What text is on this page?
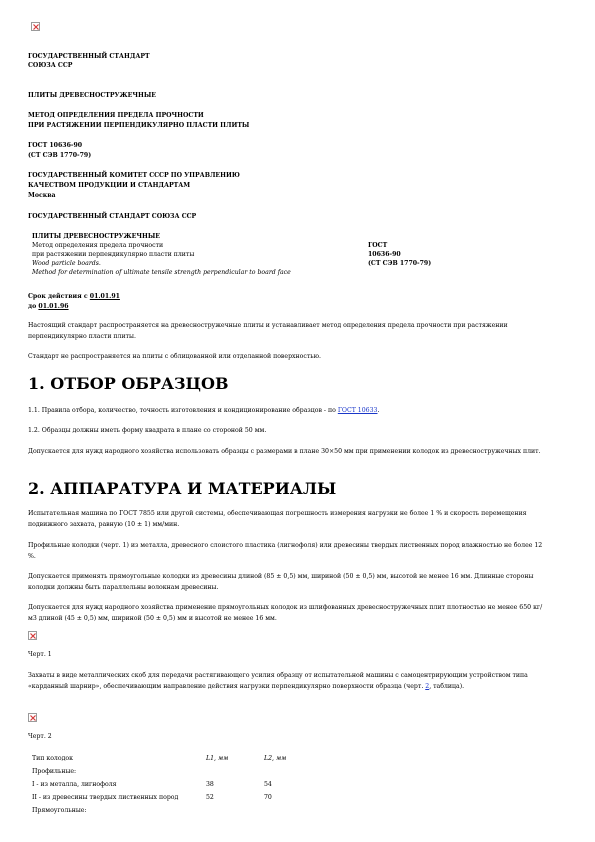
ГОСУДАРСТВЕННЫЙ СТАНДАРТ
СОЮЗА ССР
ПЛИТЫ ДРЕВЕСНОСТРУЖЕЧНЫЕ
МЕТОД ОПРЕДЕЛЕНИЯ ПРЕДЕЛА ПРОЧНОСТИ
ПРИ РАСТЯЖЕНИИ ПЕРПЕНДИКУЛЯРНО ПЛАСТИ ПЛИТЫ
ГОСТ 10636-90
(СТ СЭВ 1770-79)
ГОСУДАРСТВЕННЫЙ КОМИТЕТ СССР ПО УПРАВЛЕНИЮ
КАЧЕСТВОМ ПРОДУКЦИИ И СТАНДАРТАМ
Москва
ГОСУДАРСТВЕННЫЙ СТАНДАРТ СОЮЗА ССР
ПЛИТЫ ДРЕВЕСНОСТРУЖЕЧНЫЕ
Метод определения предела прочности
при растяжении перпендикулярно пласти плиты
Wood particle boards.
Method for determination of ultimate tensile strength perpendicular to board face
ГОСТ
10636-90
(СТ СЭВ 1770-79)
Срок действия с 01.01.91
до 01.01.96
Настоящий стандарт распространяется на древесностружечные плиты и устанавливает метод определения предела прочности при растяжении перпендикулярно пласти плиты.
Стандарт не распространяется на плиты с облицованной или отделанной поверхностью.
1. ОТБОР ОБРАЗЦОВ
1.1. Правила отбора, количество, точность изготовления и кондиционирование образцов - по ГОСТ 10633.
1.2. Образцы должны иметь форму квадрата в плане со стороной 50 мм.
Допускается для нужд народного хозяйства использовать образцы с размерами в плане 30×50 мм при применении колодок из древесностружечных плит.
2. АППАРАТУРА И МАТЕРИАЛЫ
Испытательная машина по ГОСТ 7855 или другой системы, обеспечивающая погрешность измерения нагрузки не более 1 % и скорость перемещения подвижного захвата, равную (10 ± 1) мм/мин.
Профильные колодки (черт. 1) из металла, древесного слоистого пластика (лигнофоля) или древесины твердых лиственных пород влажностью не более 12 %.
Допускается применять прямоугольные колодки из древесины длиной (85 ± 0,5) мм, шириной (50 ± 0,5) мм, высотой не менее 16 мм. Длинные стороны колодки должны быть параллельны волокнам древесины.
Допускается для нужд народного хозяйства применение прямоугольных колодок из шлифованных древесностружечных плит плотностью не менее 650 кг/м3 длиной (45 ± 0,5) мм, шириной (50 ± 0,5) мм и высотой не менее 16 мм.
Черт. 1
Захваты в виде металлических скоб для передачи растягивающего усилия образцу от испытательной машины с самоцентрирующим устройством типа «карданный шарнир», обеспечивающим направление действия нагрузки перпендикулярно поверхности образца (черт. 2, таблица).
Черт. 2
Тип колодок	L1, мм	L2, мм
Профильные:
I - из металла, лигнофоля	38	54
II - из древесины твердых лиственных пород	52	70
Прямоугольные:
